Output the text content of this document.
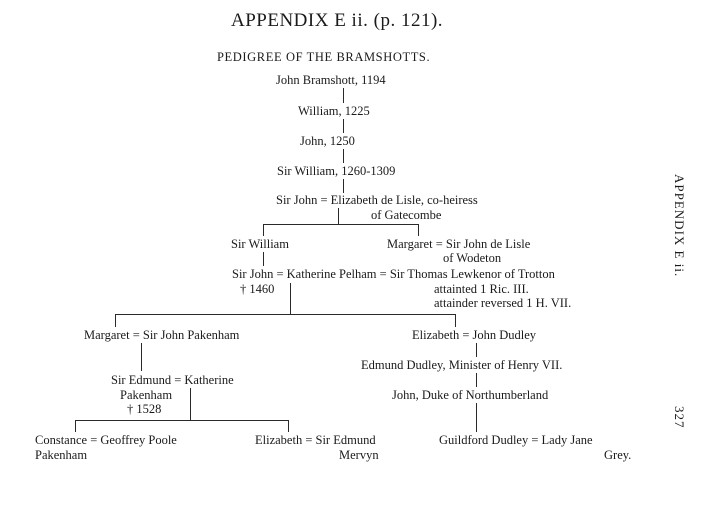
APPENDIX E ii. (p. 121).
PEDIGREE OF THE BRAMSHOTTS.
APPENDIX E ii.
327
John Bramshott, 1194
William, 1225
John, 1250
Sir William, 1260-1309
Sir John = Elizabeth de Lisle, co-heiress
of Gatecombe
Sir William	Margaret = Sir John de Lisle
of Wodeton
Sir John = Katherine Pelham = Sir Thomas Lewkenor of Trotton
† 1460	attainted 1 Ric. III.
attainder reversed 1 H. VII.
Margaret = Sir John Pakenham	Elizabeth = John Dudley
Sir Edmund = Katherine
Pakenham
† 1528
Constance = Geoffrey Poole
Pakenham
Elizabeth = Sir Edmund
Mervyn
Edmund Dudley, Minister of Henry VII.
John, Duke of Northumberland
Guildford Dudley = Lady Jane
Grey.
